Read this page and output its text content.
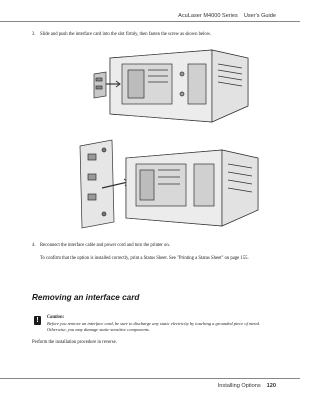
AcuLaser M4000 Series User's Guide
3. Slide and push the interface card into the slot firmly, then fasten the screw as shown below.
4. Reconnect the interface cable and power cord and turn the printer on.
To confirm that the option is installed correctly, print a Status Sheet. See "Printing a Status Sheet" on page 155.
Removing an interface card
!
Caution:
Before you remove an interface card, be sure to discharge any static electricity by touching a grounded piece of metal. Otherwise, you may damage static-sensitive components.
Perform the installation procedure in reverse.
Installing Options 120
